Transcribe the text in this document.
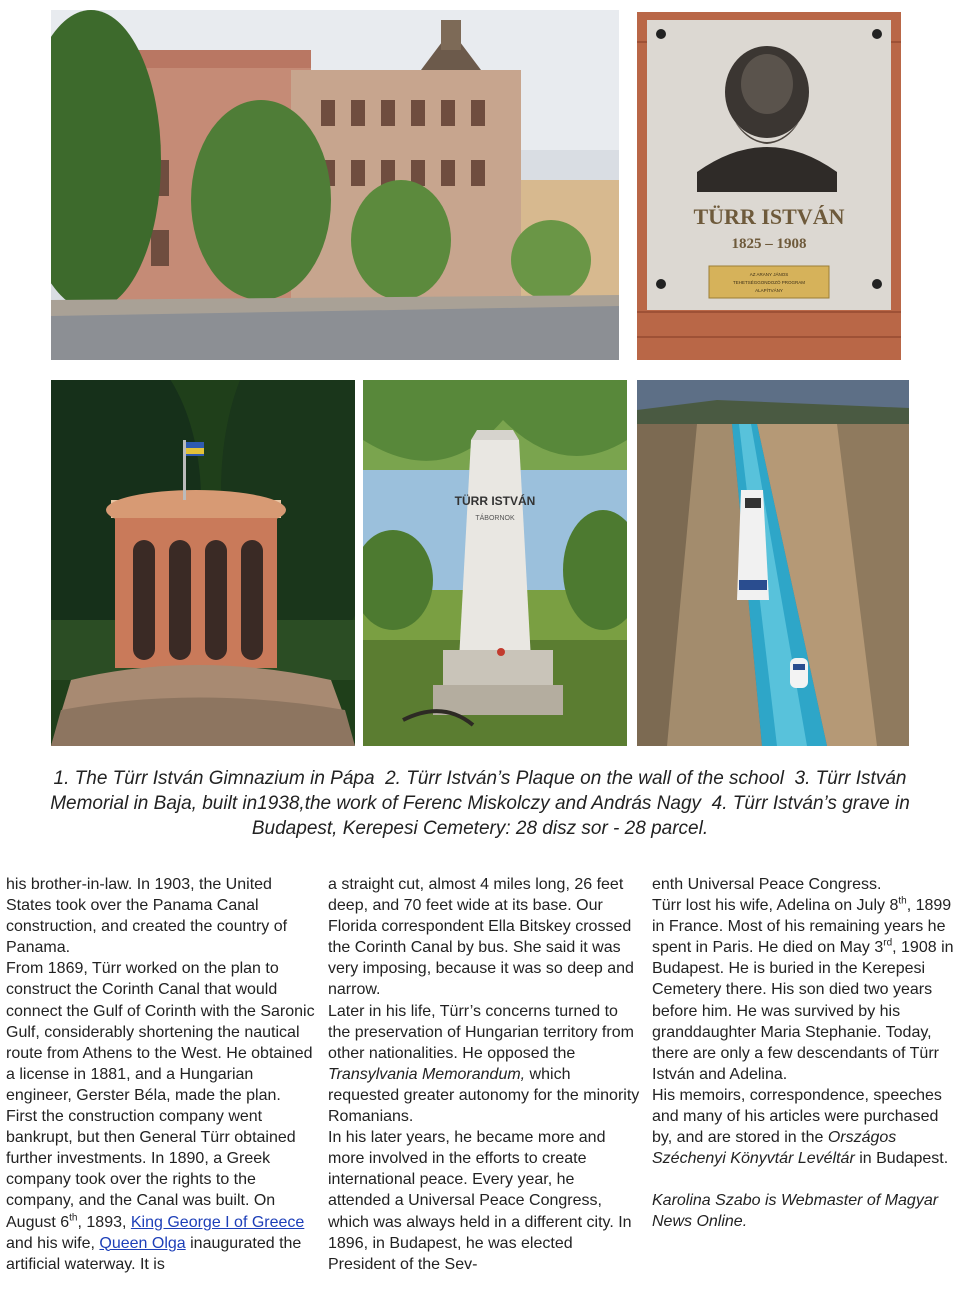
TÜRR ISTVÁN
1825 – 1908
AZ ARANY JÁNOS
TEHETSÉGGONDOZÓ PROGRAM
ALAPÍTVÁNY
TÜRR ISTVÁN
TÁBORNOK

1. The Türr István Gimnazium in Pápa 2. Türr István’s Plaque on the wall of the school 3. Türr István Memorial in Baja, built in1938,the work of Ferenc Miskolczy and András Nagy 4. Türr István’s grave in Budapest, Kerepesi Cemetery: 28 disz sor - 28 parcel.

his brother-in-law. In 1903, the United States took over the Panama Canal construction, and created the country of Panama.

From 1869, Türr worked on the plan to construct the Corinth Canal that would connect the Gulf of Corinth with the Saronic Gulf, considerably shortening the nautical route from Athens to the West. He obtained a license in 1881, and a Hungarian engineer, Gerster Béla, made the plan. First the construction company went bankrupt, but then General Türr obtained further investments. In 1890, a Greek company took over the rights to the company, and the Canal was built. On August 6th, 1893, King George I of Greece and his wife, Queen Olga inaugurated the artificial waterway. It is

a straight cut, almost 4 miles long, 26 feet deep, and 70 feet wide at its base. Our Florida correspondent Ella Bitskey crossed the Corinth Canal by bus. She said it was very imposing, because it was so deep and narrow.

Later in his life, Türr’s concerns turned to the preservation of Hungarian territory from other nationalities. He opposed the Transylvania Memorandum, which requested greater autonomy for the minority Romanians.

In his later years, he became more and more involved in the efforts to create international peace. Every year, he attended a Universal Peace Congress, which was always held in a different city. In 1896, in Budapest, he was elected President of the Sev-

enth Universal Peace Congress.

Türr lost his wife, Adelina on July 8th, 1899 in France. Most of his remaining years he spent in Paris. He died on May 3rd, 1908 in Budapest. He is buried in the Kerepesi Cemetery there. His son died two years before him. He was survived by his granddaughter Maria Stephanie. Today, there are only a few descendants of Türr István and Adelina.

His memoirs, correspondence, speeches and many of his articles were purchased by, and are stored in the Országos Széchenyi Könyvtár Levéltár in Budapest.

Karolina Szabo is Webmaster of Magyar News Online.
